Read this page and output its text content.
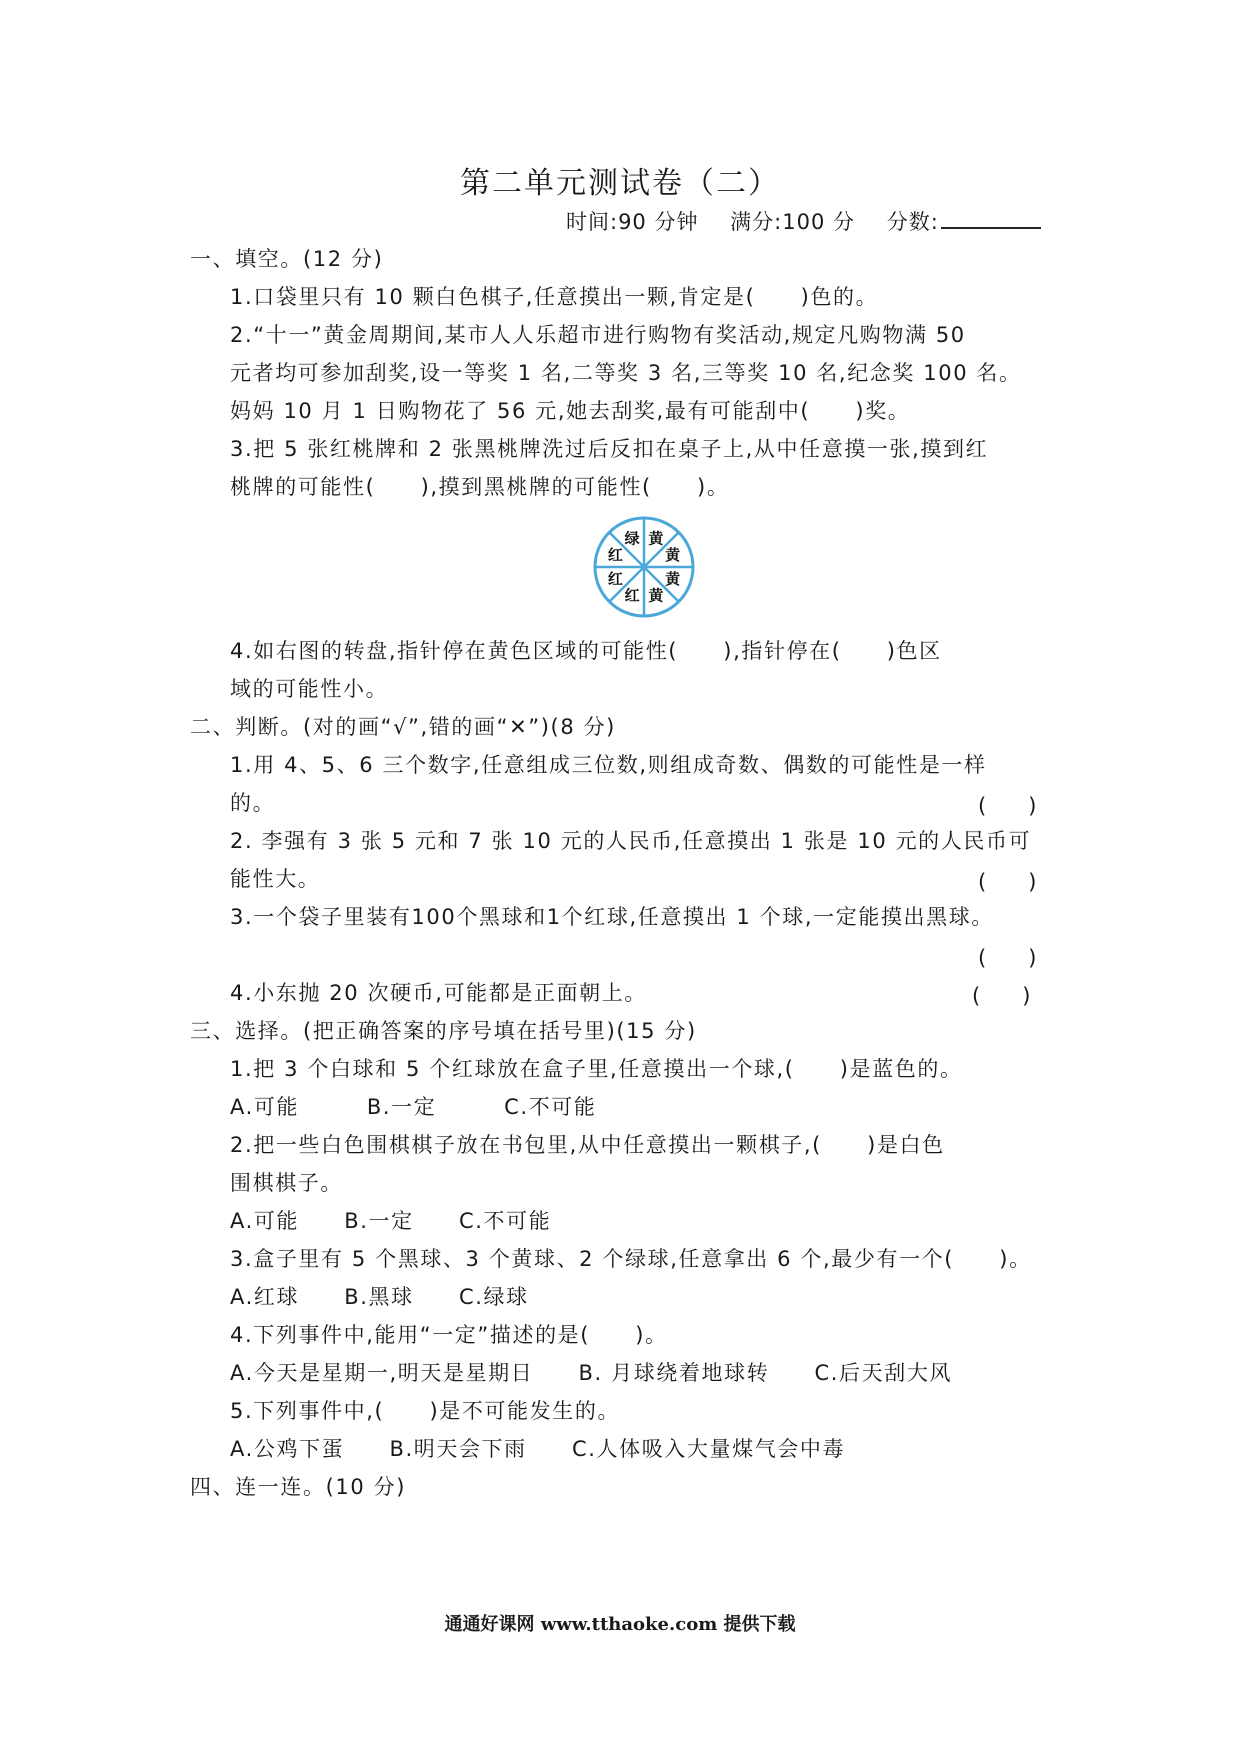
第二单元测试卷（二）
时间:90 分钟 满分:100 分 分数:
一、填空。(12 分)
1.口袋里只有 10 颗白色棋子,任意摸出一颗,肯定是(　　)色的。
2.“十一”黄金周期间,某市人人乐超市进行购物有奖活动,规定凡购物满 50
元者均可参加刮奖,设一等奖 1 名,二等奖 3 名,三等奖 10 名,纪念奖 100 名。
妈妈 10 月 1 日购物花了 56 元,她去刮奖,最有可能刮中(　　)奖。
3.把 5 张红桃牌和 2 张黑桃牌洗过后反扣在桌子上,从中任意摸一张,摸到红
桃牌的可能性(　　),摸到黑桃牌的可能性(　　)。
黄
黄
黄
黄
红
红
红
绿
4.如右图的转盘,指针停在黄色区域的可能性(　　),指针停在(　　)色区
域的可能性小。
二、判断。(对的画“√”,错的画“✕”)(8 分)
1.用 4、5、6 三个数字,任意组成三位数,则组成奇数、偶数的可能性是一样
的。	(　　)
2. 李强有 3 张 5 元和 7 张 10 元的人民币,任意摸出 1 张是 10 元的人民币可
能性大。	(　　)
3.一个袋子里装有100个黑球和1个红球,任意摸出 1 个球,一定能摸出黑球。
(　　)
4.小东抛 20 次硬币,可能都是正面朝上。	(　　)
三、选择。(把正确答案的序号填在括号里)(15 分)
1.把 3 个白球和 5 个红球放在盒子里,任意摸出一个球,(　　)是蓝色的。
A.可能　　　B.一定　　　C.不可能
2.把一些白色围棋棋子放在书包里,从中任意摸出一颗棋子,(　　)是白色
围棋棋子。
A.可能　　B.一定　　C.不可能
3.盒子里有 5 个黑球、3 个黄球、2 个绿球,任意拿出 6 个,最少有一个(　　)。
A.红球　　B.黑球　　C.绿球
4.下列事件中,能用“一定”描述的是(　　)。
A.今天是星期一,明天是星期日　　B. 月球绕着地球转　　C.后天刮大风
5.下列事件中,(　　)是不可能发生的。
A.公鸡下蛋　　B.明天会下雨　　C.人体吸入大量煤气会中毒
四、连一连。(10 分)
通通好课网 www.tthaoke.com 提供下载
